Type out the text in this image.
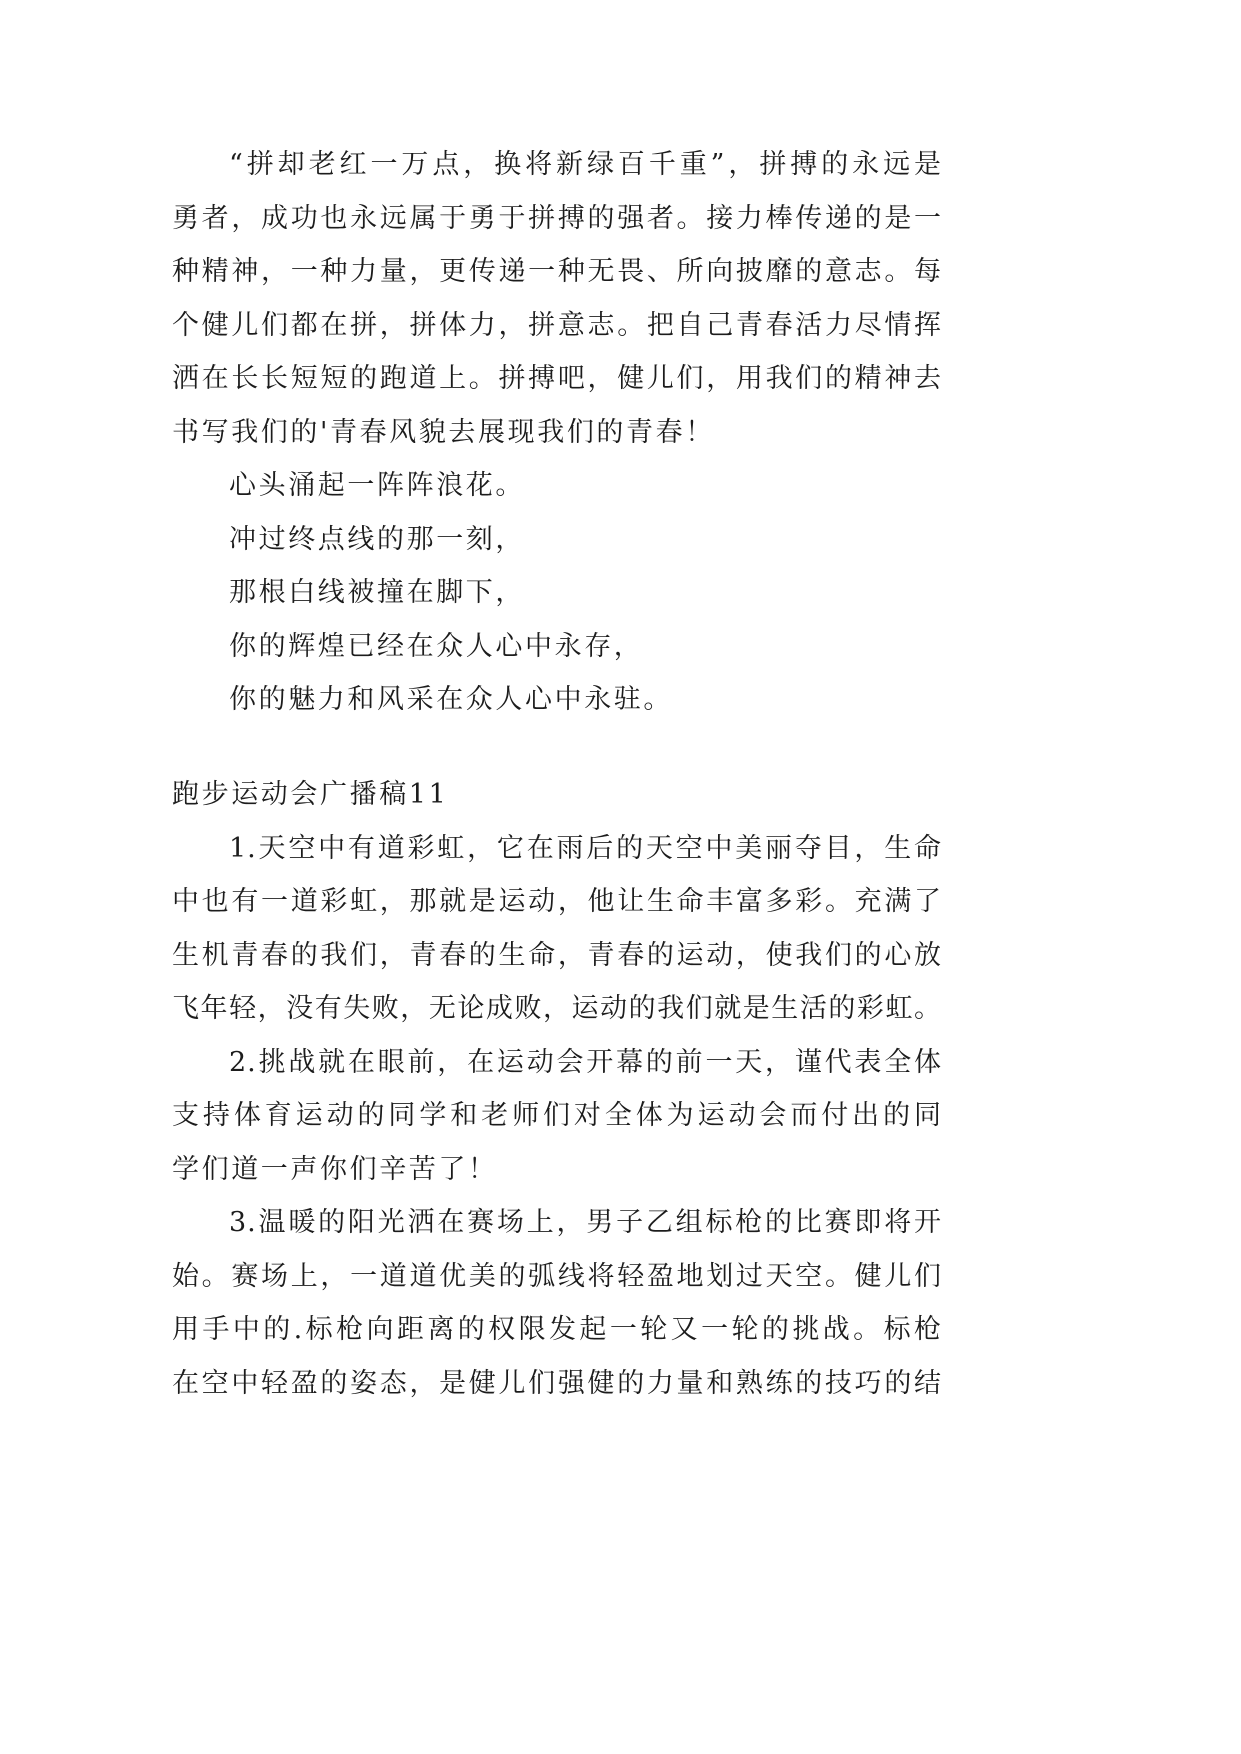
“拼却老红一万点，换将新绿百千重”，拼搏的永远是
勇者，成功也永远属于勇于拼搏的强者。接力棒传递的是一
种精神，一种力量，更传递一种无畏、所向披靡的意志。每
个健儿们都在拼，拼体力，拼意志。把自己青春活力尽情挥
洒在长长短短的跑道上。拼搏吧，健儿们，用我们的精神去
书写我们的'青春风貌去展现我们的青春！
心头涌起一阵阵浪花。
冲过终点线的那一刻，
那根白线被撞在脚下，
你的辉煌已经在众人心中永存，
你的魅力和风采在众人心中永驻。
跑步运动会广播稿11
1.天空中有道彩虹，它在雨后的天空中美丽夺目，生命
中也有一道彩虹，那就是运动，他让生命丰富多彩。充满了
生机青春的我们，青春的生命，青春的运动，使我们的心放
飞年轻，没有失败，无论成败，运动的我们就是生活的彩虹。
2.挑战就在眼前，在运动会开幕的前一天，谨代表全体
支持体育运动的同学和老师们对全体为运动会而付出的同
学们道一声你们辛苦了！
3.温暖的阳光洒在赛场上，男子乙组标枪的比赛即将开
始。赛场上，一道道优美的弧线将轻盈地划过天空。健儿们
用手中的.标枪向距离的权限发起一轮又一轮的挑战。标枪
在空中轻盈的姿态，是健儿们强健的力量和熟练的技巧的结
